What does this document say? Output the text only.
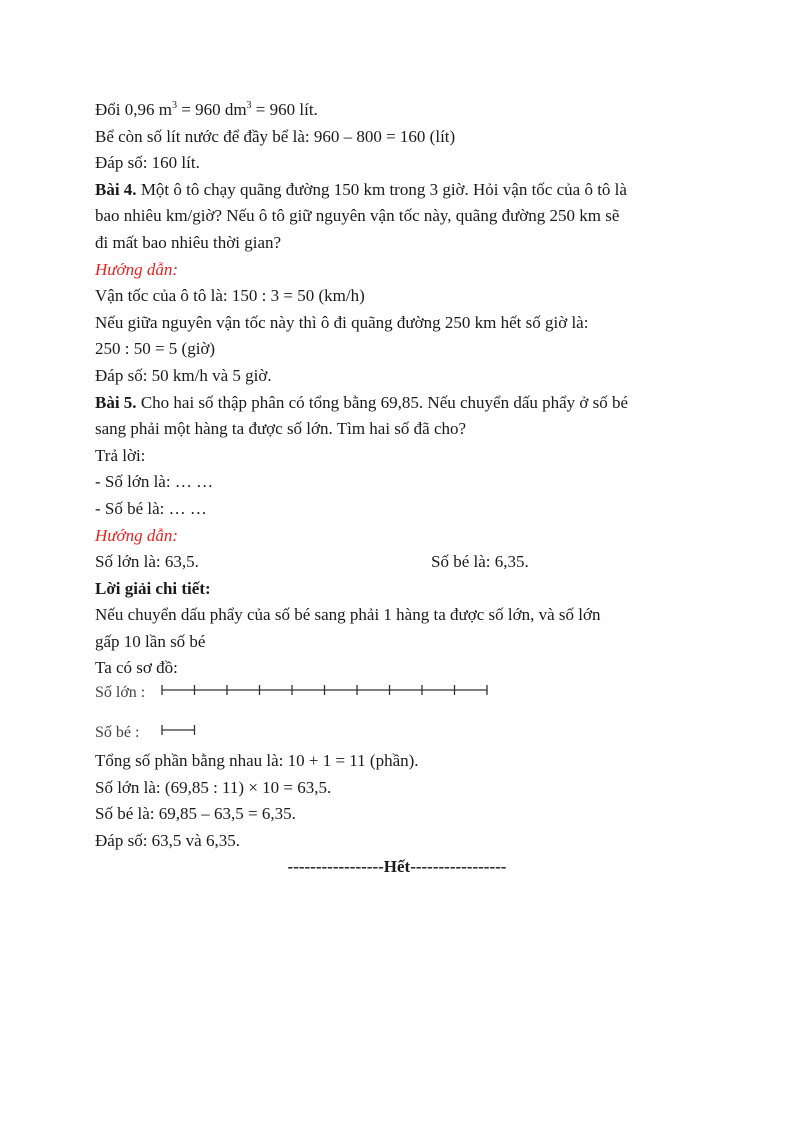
Đổi 0,96 $m^3 = 960$ $dm^3 = 960$ lít.
Bể còn số lít nước để đầy bể là: 960 – 800 = 160 (lít)
Đáp số: 160 lít.
Bài 4. Một ô tô chạy quãng đường 150 km trong 3 giờ. Hỏi vận tốc của ô tô là
bao nhiêu km/giờ? Nếu ô tô giữ nguyên vận tốc này, quãng đường 250 km sẽ
đi mất bao nhiêu thời gian?
Hướng dẫn:
Vận tốc của ô tô là: 150 : 3 = 50 (km/h)
Nếu giữa nguyên vận tốc này thì ô đi quãng đường 250 km hết số giờ là:
250 : 50 = 5 (giờ)
Đáp số: 50 km/h và 5 giờ.
Bài 5. Cho hai số thập phân có tổng bằng 69,85. Nếu chuyển dấu phẩy ở số bé
sang phải một hàng ta được số lớn. Tìm hai số đã cho?
Trả lời:
- Số lớn là: … …
- Số bé là: … …
Hướng dẫn:
Số lớn là: 63,5.	Số bé là: 6,35.
Lời giải chi tiết:
Nếu chuyển dấu phẩy của số bé sang phải 1 hàng ta được số lớn, và số lớn
gấp 10 lần số bé
Ta có sơ đồ:
Số lớn :
Số bé :
Tổng số phần bằng nhau là: 10 + 1 = 11 (phần).
Số lớn là: (69,85 : 11) × 10 = 63,5.
Số bé là: 69,85 – 63,5 = 6,35.
Đáp số: 63,5 và 6,35.
-----------------Hết-----------------
